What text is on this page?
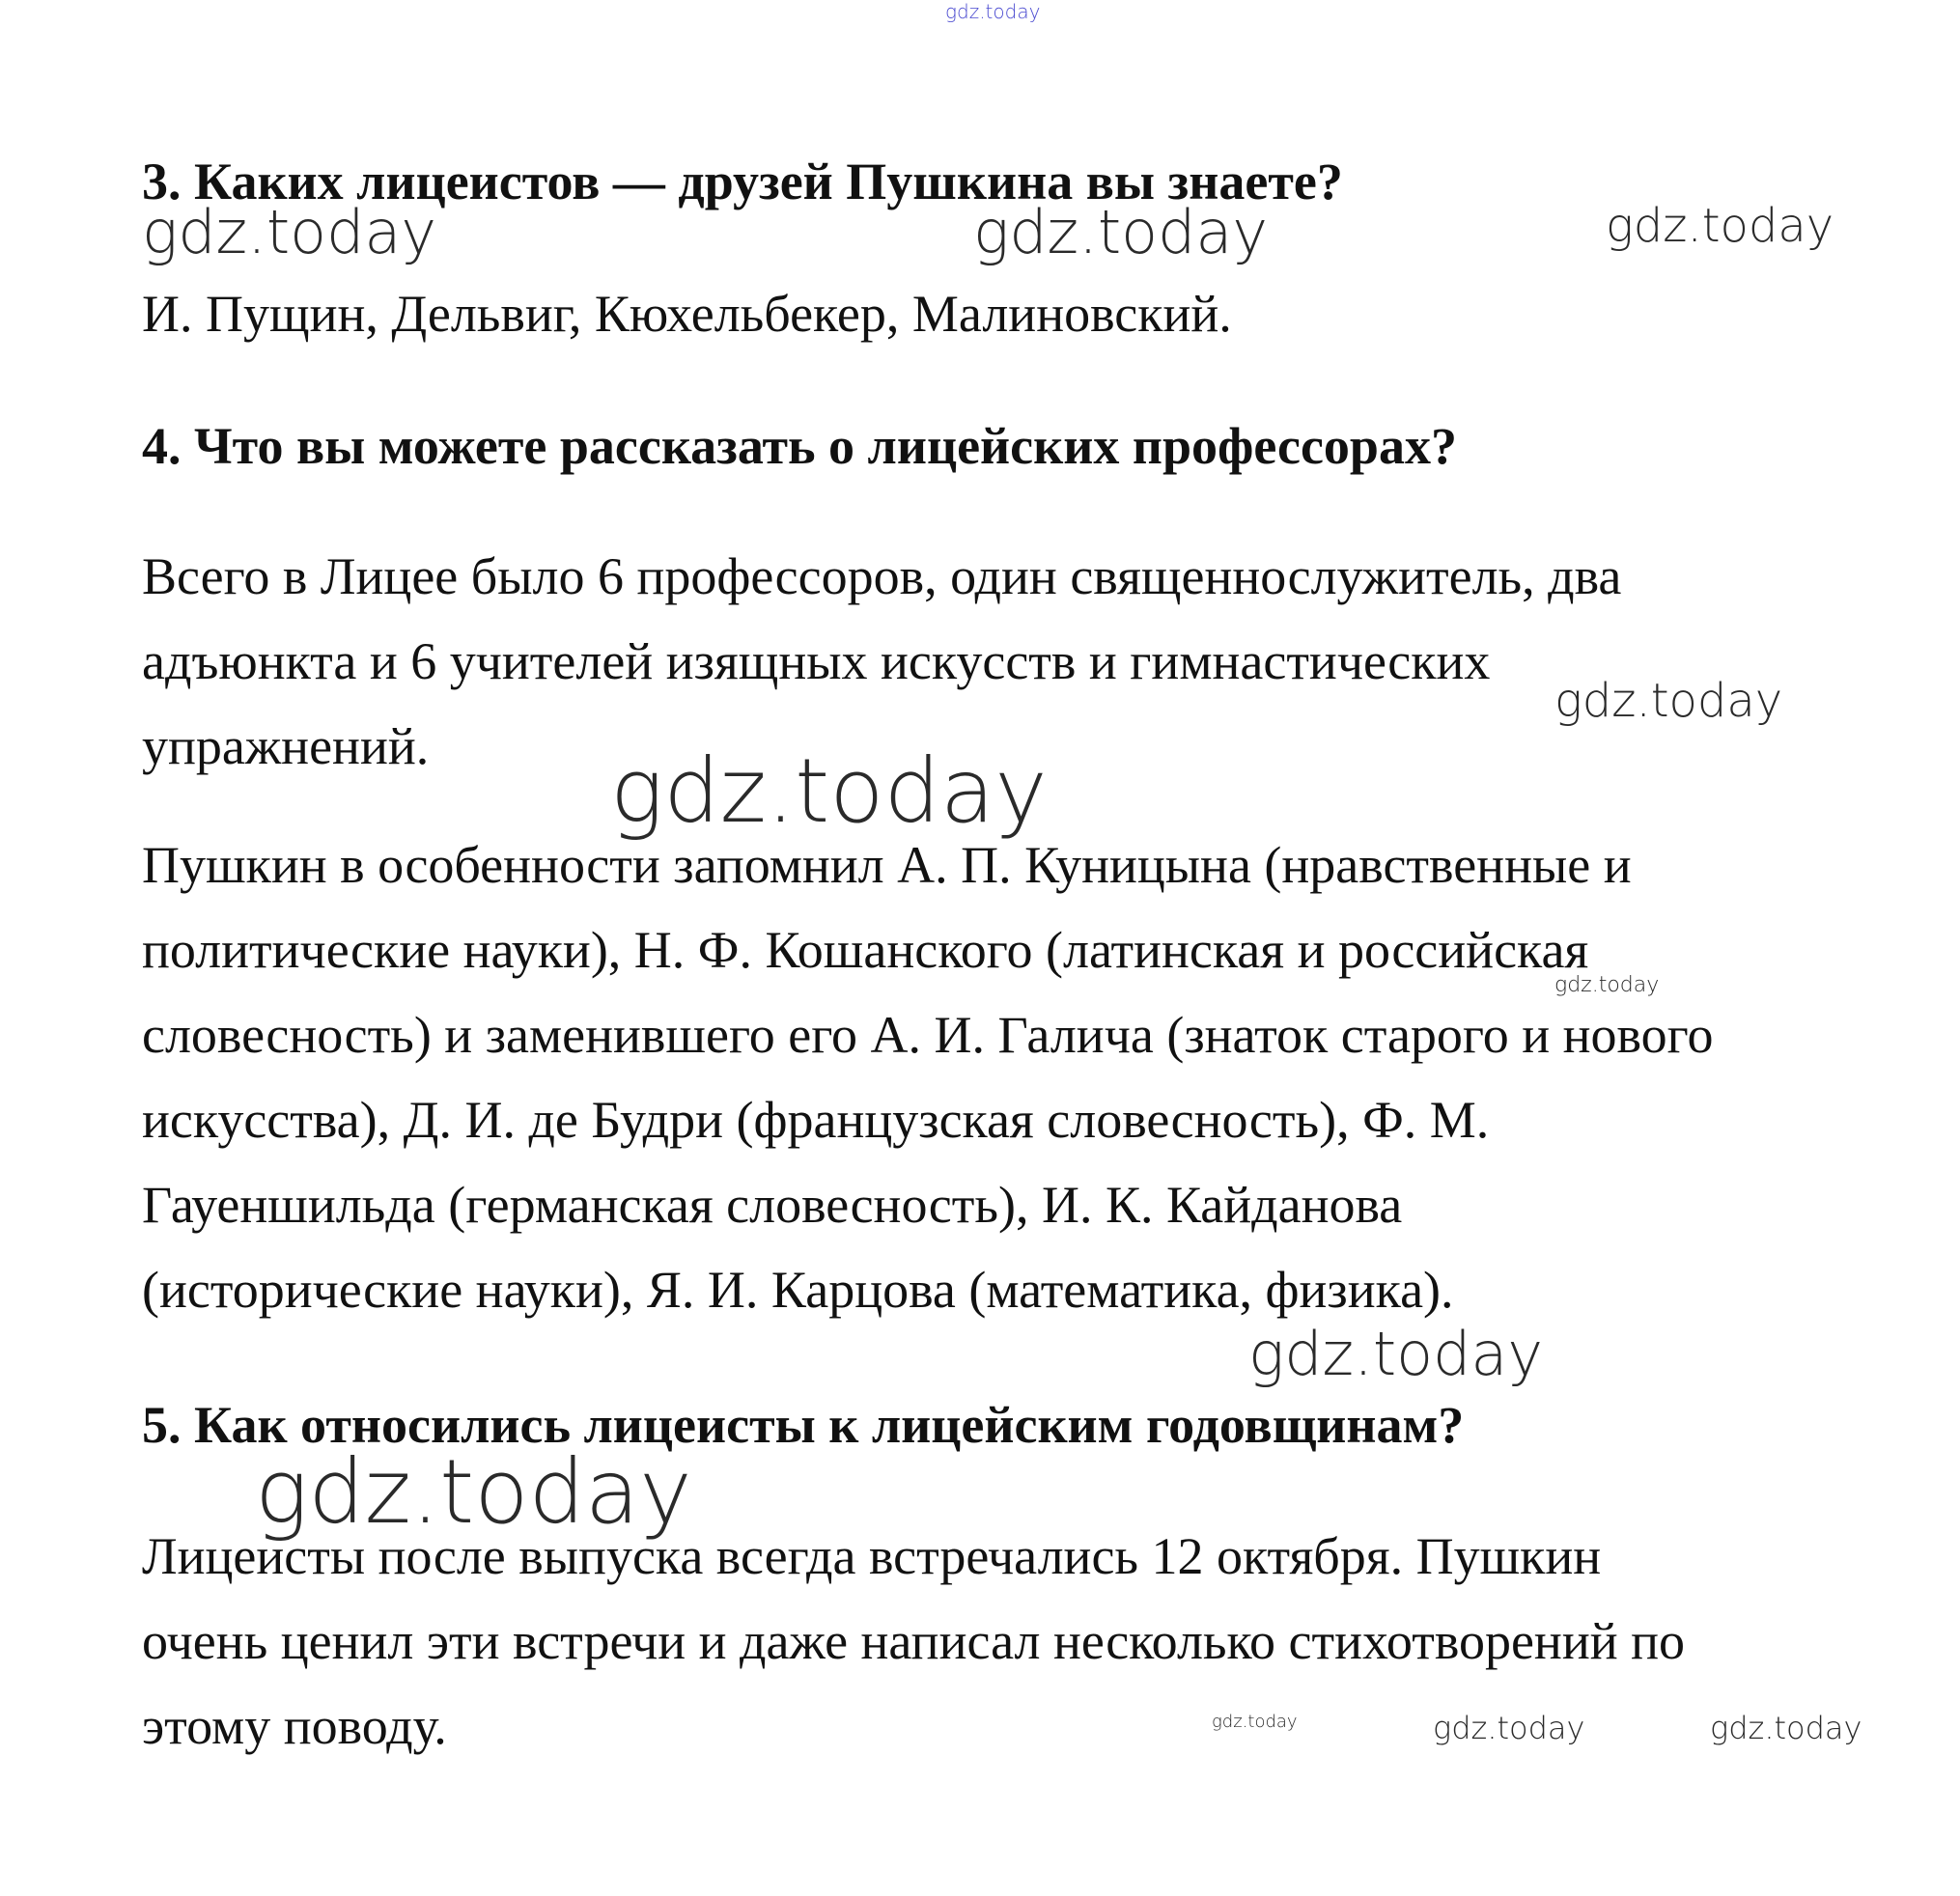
gdz.today
gdz.today	gdz.today	gdz.today
gdz.today
gdz.today
gdz.today
gdz.today
gdz.today
gdz.today	gdz.today	gdz.today
3. Каких лицеистов — друзей Пушкина вы знаете?

И. Пущин, Дельвиг, Кюхельбекер, Малиновский.

4. Что вы можете рассказать о лицейских профессорах?

Всего в Лицее было 6 профессоров, один священнослужитель, два
адъюнкта и 6 учителей изящных искусств и гимнастических
упражнений.

Пушкин в особенности запомнил А. П. Куницына (нравственные и
политические науки), Н. Ф. Кошанского (латинская и российская
словесность) и заменившего его А. И. Галича (знаток старого и нового
искусства), Д. И. де Будри (французская словесность), Ф. М.
Гауеншильда (германская словесность), И. К. Кайданова
(исторические науки), Я. И. Карцова (математика, физика).

5. Как относились лицеисты к лицейским годовщинам?

Лицеисты после выпуска всегда встречались 12 октября. Пушкин
очень ценил эти встречи и даже написал несколько стихотворений по
этому поводу.
